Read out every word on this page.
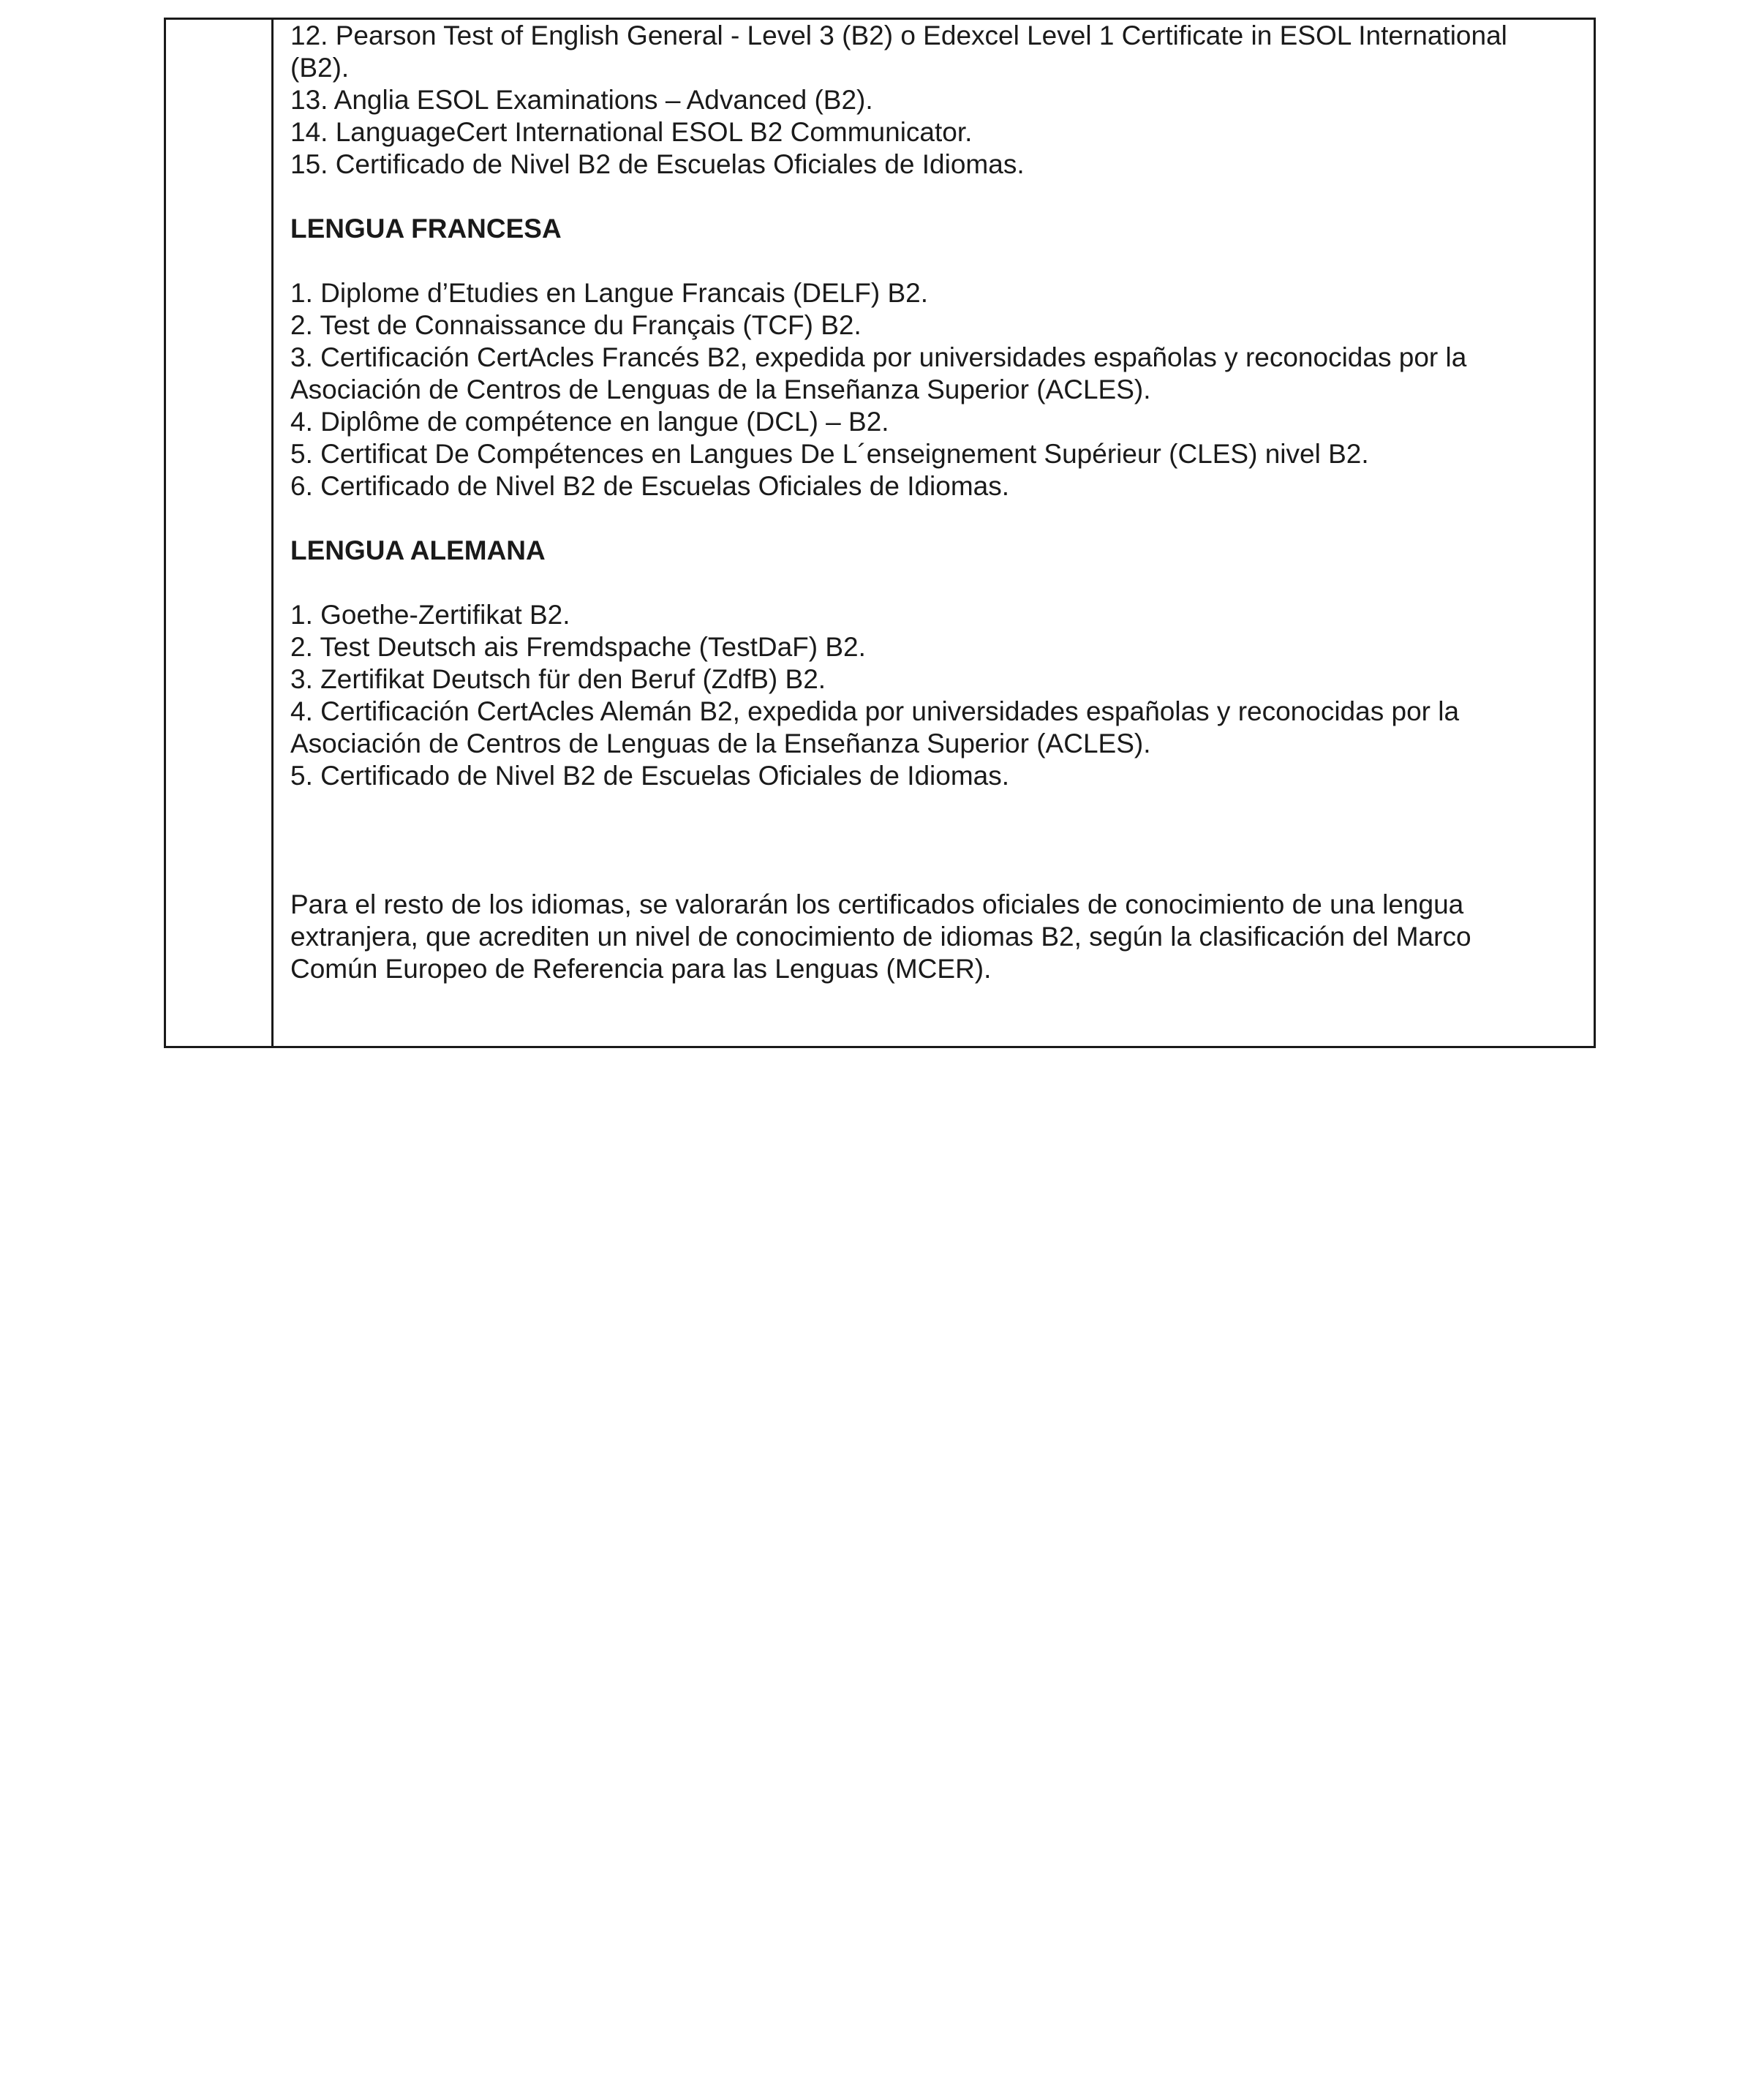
12. Pearson Test of English General - Level 3 (B2) o Edexcel Level 1 Certificate in ESOL International

(B2).

13. Anglia ESOL Examinations – Advanced (B2).

14. LanguageCert International ESOL B2 Communicator.

15. Certificado de Nivel B2 de Escuelas Oficiales de Idiomas.

LENGUA FRANCESA

1. Diplome d’Etudies en Langue Francais (DELF) B2.

2. Test de Connaissance du Français (TCF) B2.

3. Certificación CertAcles Francés B2, expedida por universidades españolas y reconocidas por la

Asociación de Centros de Lenguas de la Enseñanza Superior (ACLES).

4. Diplôme de compétence en langue (DCL) – B2.

5. Certificat De Compétences en Langues De L´enseignement Supérieur (CLES) nivel B2.

6. Certificado de Nivel B2 de Escuelas Oficiales de Idiomas.

LENGUA ALEMANA

1. Goethe-Zertifikat B2.

2. Test Deutsch ais Fremdspache (TestDaF) B2.

3. Zertifikat Deutsch für den Beruf (ZdfB) B2.

4. Certificación CertAcles Alemán B2, expedida por universidades españolas y reconocidas por la

Asociación de Centros de Lenguas de la Enseñanza Superior (ACLES).

5. Certificado de Nivel B2 de Escuelas Oficiales de Idiomas.

Para el resto de los idiomas, se valorarán los certificados oficiales de conocimiento de una lengua

extranjera, que acrediten un nivel de conocimiento de idiomas B2, según la clasificación del Marco

Común Europeo de Referencia para las Lenguas (MCER).
